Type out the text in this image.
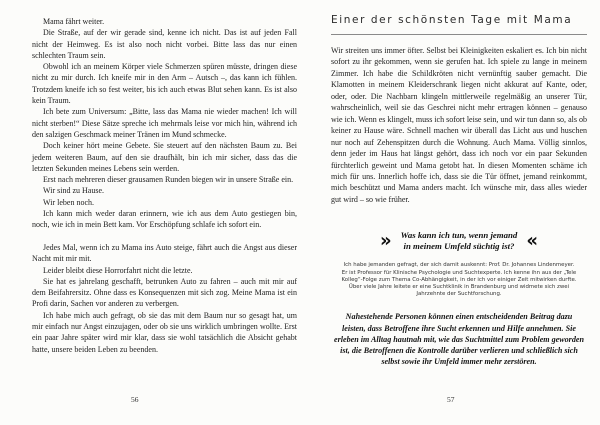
Mama fährt weiter.

Die Straße, auf der wir gerade sind, kenne ich nicht. Das ist auf jeden Fall nicht der Heimweg. Es ist also noch nicht vorbei. Bitte lass das nur einen schlechten Traum sein.

Obwohl ich an meinem Körper viele Schmerzen spüren müsste, dringen diese nicht zu mir durch. Ich kneife mir in den Arm – Autsch –, das kann ich fühlen. Trotzdem kneife ich so fest weiter, bis ich auch etwas Blut sehen kann. Es ist also kein Traum.

Ich bete zum Universum: „Bitte, lass das Mama nie wieder machen! Ich will nicht sterben!“ Diese Sätze spreche ich mehrmals leise vor mich hin, während ich den salzigen Geschmack meiner Tränen im Mund schmecke.

Doch keiner hört meine Gebete. Sie steuert auf den nächsten Baum zu. Bei jedem weiteren Baum, auf den sie draufhält, bin ich mir sicher, dass das die letzten Sekunden meines Lebens sein werden.

Erst nach mehreren dieser grausamen Runden biegen wir in unsere Straße ein.

Wir sind zu Hause.

Wir leben noch.

Ich kann mich weder daran erinnern, wie ich aus dem Auto gestiegen bin, noch, wie ich in mein Bett kam. Vor Erschöpfung schlafe ich sofort ein.

Jedes Mal, wenn ich zu Mama ins Auto steige, fährt auch die Angst aus dieser Nacht mit mir mit.

Leider bleibt diese Horrorfahrt nicht die letzte.

Sie hat es jahrelang geschafft, betrunken Auto zu fahren – auch mit mir auf dem Beifahrersitz. Ohne dass es Konsequenzen mit sich zog. Meine Mama ist ein Profi darin, Sachen vor anderen zu verbergen.

Ich habe mich auch gefragt, ob sie das mit dem Baum nur so gesagt hat, um mir einfach nur Angst einzujagen, oder ob sie uns wirklich umbringen wollte. Erst ein paar Jahre später wird mir klar, dass sie wohl tatsächlich die Absicht gehabt hatte, unsere beiden Leben zu beenden.

Einer der schönsten Tage mit Mama

Wir streiten uns immer öfter. Selbst bei Kleinigkeiten eskaliert es. Ich bin nicht sofort zu ihr gekommen, wenn sie gerufen hat. Ich spiele zu lange in meinem Zimmer. Ich habe die Schildkröten nicht vernünftig sauber gemacht. Die Klamotten in meinem Kleiderschrank liegen nicht akkurat auf Kante, oder, oder, oder. Die Nachbarn klingeln mittlerweile regelmäßig an unserer Tür, wahrscheinlich, weil sie das Geschrei nicht mehr ertragen können – genauso wie ich. Wenn es klingelt, muss ich sofort leise sein, und wir tun dann so, als ob keiner zu Hause wäre. Schnell machen wir überall das Licht aus und huschen nur noch auf Zehenspitzen durch die Wohnung. Auch Mama. Völlig sinnlos, denn jeder im Haus hat längst gehört, dass ich noch vor ein paar Sekunden fürchterlich geweint und Mama getobt hat. In diesen Momenten schäme ich mich für uns. Innerlich hoffe ich, dass sie die Tür öffnet, jemand reinkommt, mich beschützt und Mama anders macht. Ich wünsche mir, dass alles wieder gut wird – so wie früher.

» Was kann ich tun, wenn jemand
in meinem Umfeld süchtig ist? «

Ich habe jemanden gefragt, der sich damit auskennt: Prof. Dr. Johannes Lindenmeyer. Er ist Professor für Klinische Psychologie und Suchtexperte. Ich kenne ihn aus der „Tele Kolleg“-Folge zum Thema Co-Abhängigkeit, in der ich vor einiger Zeit mitwirken durfte. Über viele Jahre leitete er eine Suchtklinik in Brandenburg und widmete sich zwei Jahrzehnte der Suchtforschung.

Nahestehende Personen können einen entscheidenden Beitrag dazu leisten, dass Betroffene ihre Sucht erkennen und Hilfe annehmen. Sie erleben im Alltag hautnah mit, wie das Suchtmittel zum Problem geworden ist, die Betroffenen die Kontrolle darüber verlieren und schließlich sich selbst sowie ihr Umfeld immer mehr zerstören.

56	57
